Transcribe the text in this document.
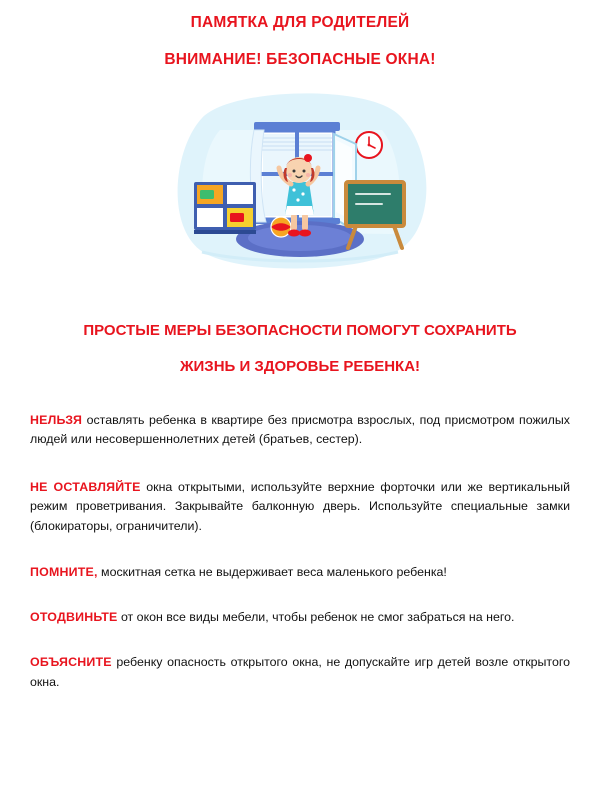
ПАМЯТКА ДЛЯ РОДИТЕЛЕЙ
ВНИМАНИЕ! БЕЗОПАСНЫЕ ОКНА!
ПРОСТЫЕ МЕРЫ БЕЗОПАСНОСТИ ПОМОГУТ СОХРАНИТЬ
ЖИЗНЬ И ЗДОРОВЬЕ РЕБЕНКА!

НЕЛЬЗЯ оставлять ребенка в квартире без присмотра взрослых, под присмотром пожилых людей или несовершеннолетних детей (братьев, сестер).

НЕ ОСТАВЛЯЙТЕ окна открытыми, используйте верхние форточки или же вертикальный режим проветривания. Закрывайте балконную дверь. Используйте специальные замки (блокираторы, ограничители).

ПОМНИТЕ, москитная сетка не выдерживает веса маленького ребенка!

ОТОДВИНЬТЕ от окон все виды мебели, чтобы ребенок не смог забраться на него.

ОБЪЯСНИТЕ ребенку опасность открытого окна, не допускайте игр детей возле открытого окна.
